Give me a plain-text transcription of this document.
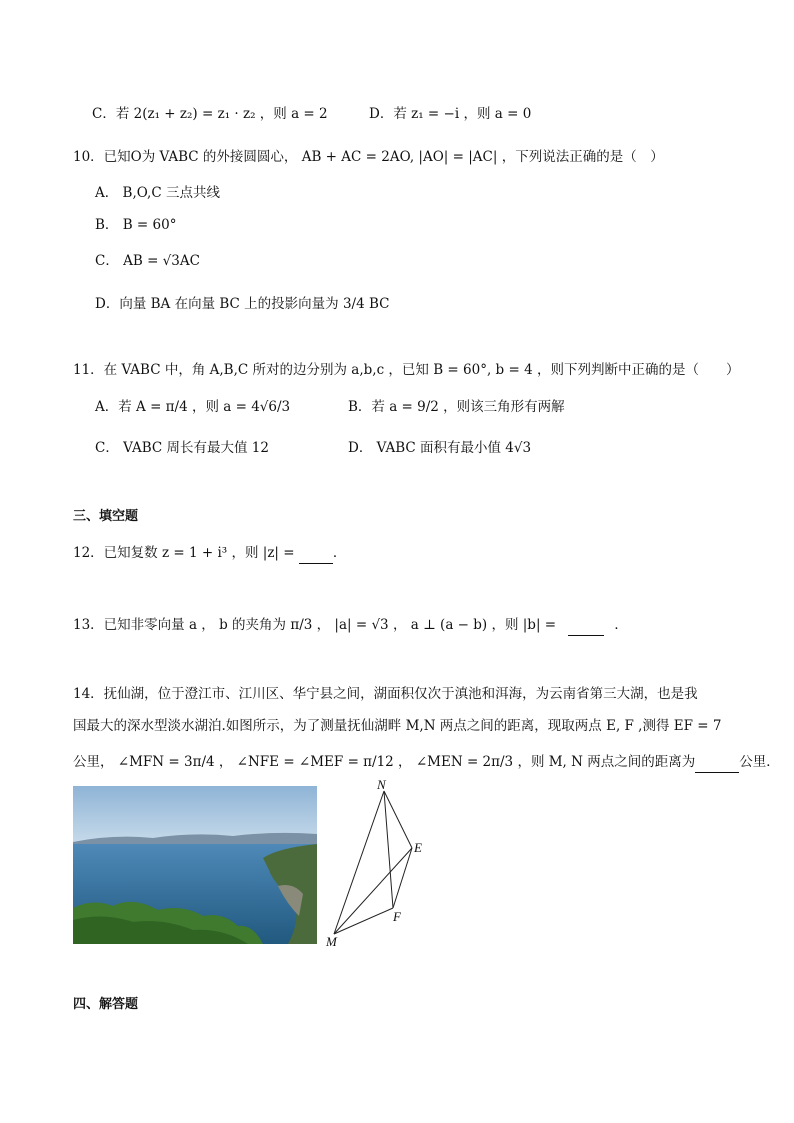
C．若 2(z₁ + z₂) = z₁ · z₂ ，则 a = 2	D．若 z₁ = −i ，则 a = 0
10．已知O为 VABC 的外接圆圆心， AB + AC = 2AO, |AO| = |AC| ，下列说法正确的是（　）
A． B,O,C 三点共线
B． B = 60°
C． AB = √3AC
D．向量 BA 在向量 BC 上的投影向量为 3/4 BC
11．在 VABC 中，角 A,B,C 所对的边分别为 a,b,c ，已知 B = 60°, b = 4 ，则下列判断中正确的是（　　）
A．若 A = π/4 ，则 a = 4√6/3	B．若 a = 9/2 ，则该三角形有两解
C． VABC 周长有最大值 12	D． VABC 面积有最小值 4√3
三、填空题
12．已知复数 z = 1 + i³ ，则 |z| =	．
13．已知非零向量 a ， b 的夹角为 π/3 ， |a| = √3 ， a ⊥ (a − b) ，则 |b| =	．
14．抚仙湖，位于澄江市、江川区、华宁县之间，湖面积仅次于滇池和洱海，为云南省第三大湖，也是我
国最大的深水型淡水湖泊.如图所示，为了测量抚仙湖畔 M,N 两点之间的距离，现取两点 E, F ,测得 EF = 7
公里， ∠MFN = 3π/4 ， ∠NFE = ∠MEF = π/12 ， ∠MEN = 2π/3 ，则 M, N 两点之间的距离为	公里．
N
E
F
M
四、解答题
